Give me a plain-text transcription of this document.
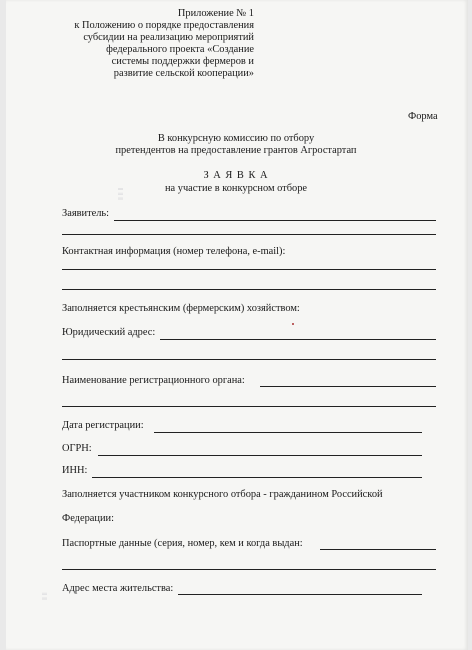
‖ ‖ ‖
‖ ‖
Приложение № 1
к Положению о порядке предоставления
субсидии на реализацию мероприятий
федерального проекта «Создание
системы поддержки фермеров и
развитие сельской кооперации»
Форма
В конкурсную комиссию по отбору
претендентов на предоставление грантов Агростартап
З А Я В К А
на участие в конкурсном отборе
Заявитель:
Контактная информация (номер телефона, e-mail):
Заполняется крестьянским (фермерским) хозяйством:
Юридический адрес:
Наименование регистрационного органа:
Дата регистрации:
ОГРН:
ИНН:
Заполняется участником конкурсного отбора - гражданином Российской
Федерации:
Паспортные данные (серия, номер, кем и когда выдан:
Адрес места жительства:
